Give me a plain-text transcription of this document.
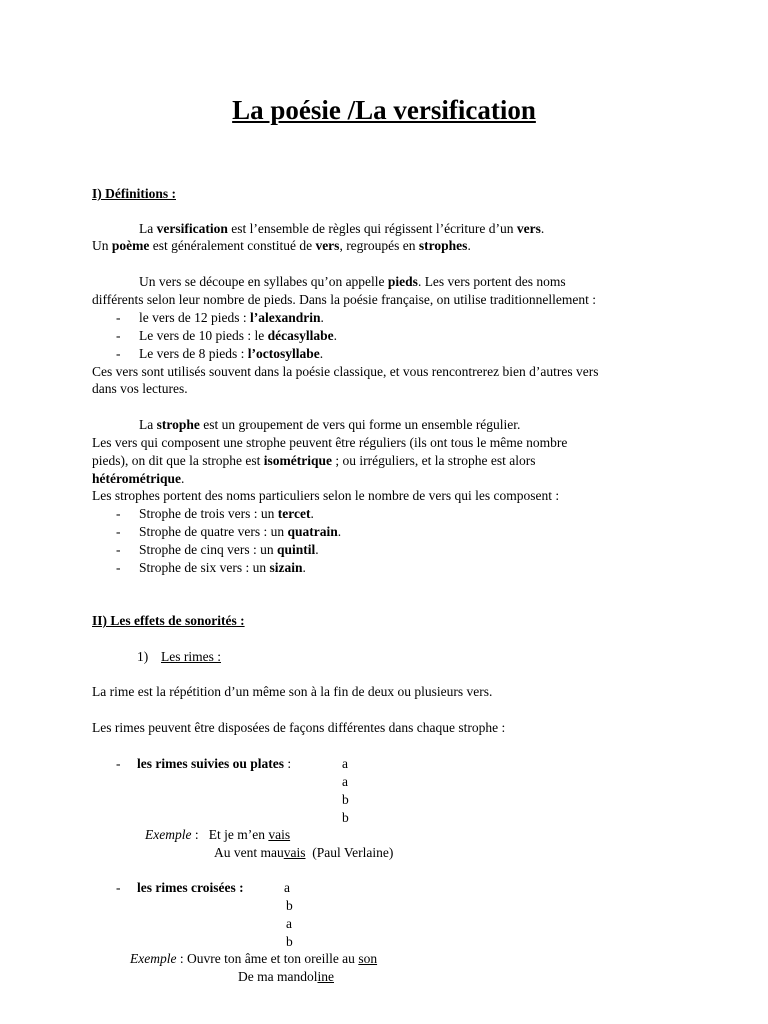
La poésie /La versification
I) Définitions :
La versification est l’ensemble de règles qui régissent l’écriture d’un vers.
Un poème est généralement constitué de vers, regroupés en strophes.
Un vers se découpe en syllabes qu’on appelle pieds. Les vers portent des noms
différents selon leur nombre de pieds. Dans la poésie française, on utilise traditionnellement :
- le vers de 12 pieds : l’alexandrin.
- Le vers de 10 pieds : le décasyllabe.
- Le vers de 8 pieds : l’octosyllabe.
Ces vers sont utilisés souvent dans la poésie classique, et vous rencontrerez bien d’autres vers
dans vos lectures.
La strophe est un groupement de vers qui forme un ensemble régulier.
Les vers qui composent une strophe peuvent être réguliers (ils ont tous le même nombre
pieds), on dit que la strophe est isométrique ; ou irréguliers, et la strophe est alors
hétérométrique.
Les strophes portent des noms particuliers selon le nombre de vers qui les composent :
- Strophe de trois vers : un tercet.
- Strophe de quatre vers : un quatrain.
- Strophe de cinq vers : un quintil.
- Strophe de six vers : un sizain.
II) Les effets de sonorités :
1) Les rimes :
La rime est la répétition d’un même son à la fin de deux ou plusieurs vers.
Les rimes peuvent être disposées de façons différentes dans chaque strophe :
- les rimes suivies ou plates :	a
a
b
b
Exemple : Et je m’en vais
Au vent mauvais  (Paul Verlaine)
- les rimes croisées :	a
b
a
b
Exemple : Ouvre ton âme et ton oreille au son
De ma mandoline
